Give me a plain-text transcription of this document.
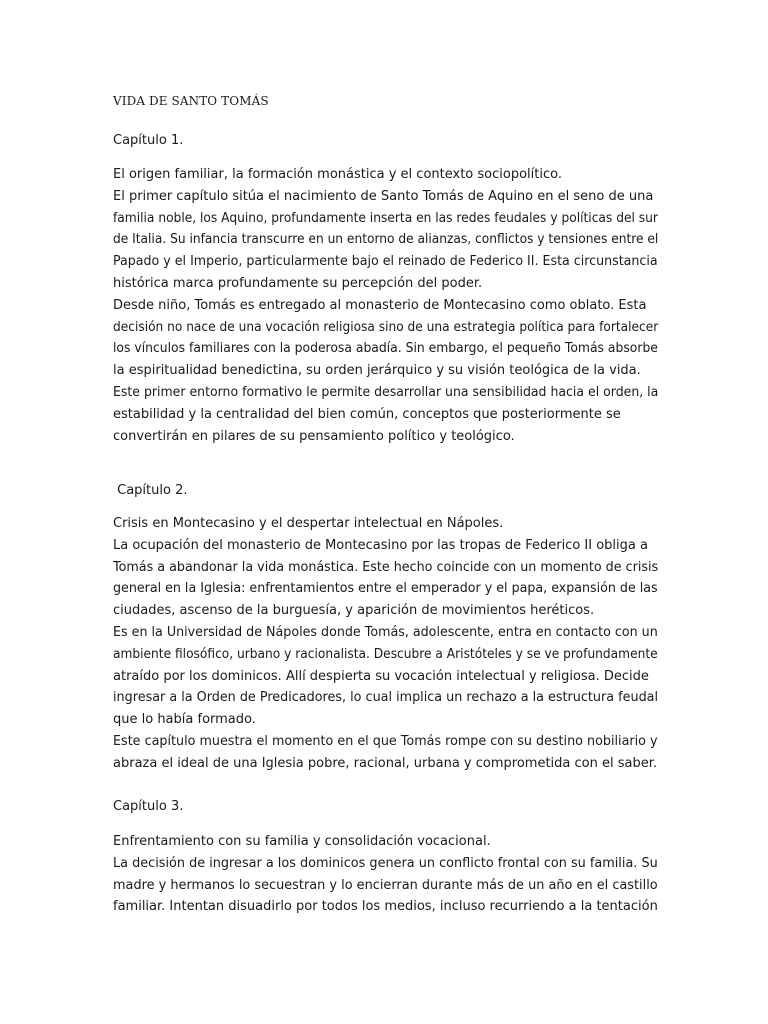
VIDA DE SANTO TOMÁS
Capítulo 1.
El origen familiar, la formación monástica y el contexto sociopolítico.
El primer capítulo sitúa el nacimiento de Santo Tomás de Aquino en el seno de una
familia noble, los Aquino, profundamente inserta en las redes feudales y políticas del sur
de Italia. Su infancia transcurre en un entorno de alianzas, conflictos y tensiones entre el
Papado y el Imperio, particularmente bajo el reinado de Federico II. Esta circunstancia
histórica marca profundamente su percepción del poder.
Desde niño, Tomás es entregado al monasterio de Montecasino como oblato. Esta
decisión no nace de una vocación religiosa sino de una estrategia política para fortalecer
los vínculos familiares con la poderosa abadía. Sin embargo, el pequeño Tomás absorbe
la espiritualidad benedictina, su orden jerárquico y su visión teológica de la vida.
Este primer entorno formativo le permite desarrollar una sensibilidad hacia el orden, la
estabilidad y la centralidad del bien común, conceptos que posteriormente se
convertirán en pilares de su pensamiento político y teológico.
Capítulo 2.
Crisis en Montecasino y el despertar intelectual en Nápoles.
La ocupación del monasterio de Montecasino por las tropas de Federico II obliga a
Tomás a abandonar la vida monástica. Este hecho coincide con un momento de crisis
general en la Iglesia: enfrentamientos entre el emperador y el papa, expansión de las
ciudades, ascenso de la burguesía, y aparición de movimientos heréticos.
Es en la Universidad de Nápoles donde Tomás, adolescente, entra en contacto con un
ambiente filosófico, urbano y racionalista. Descubre a Aristóteles y se ve profundamente
atraído por los dominicos. Allí despierta su vocación intelectual y religiosa. Decide
ingresar a la Orden de Predicadores, lo cual implica un rechazo a la estructura feudal
que lo había formado.
Este capítulo muestra el momento en el que Tomás rompe con su destino nobiliario y
abraza el ideal de una Iglesia pobre, racional, urbana y comprometida con el saber.
Capítulo 3.
Enfrentamiento con su familia y consolidación vocacional.
La decisión de ingresar a los dominicos genera un conflicto frontal con su familia. Su
madre y hermanos lo secuestran y lo encierran durante más de un año en el castillo
familiar. Intentan disuadirlo por todos los medios, incluso recurriendo a la tentación
